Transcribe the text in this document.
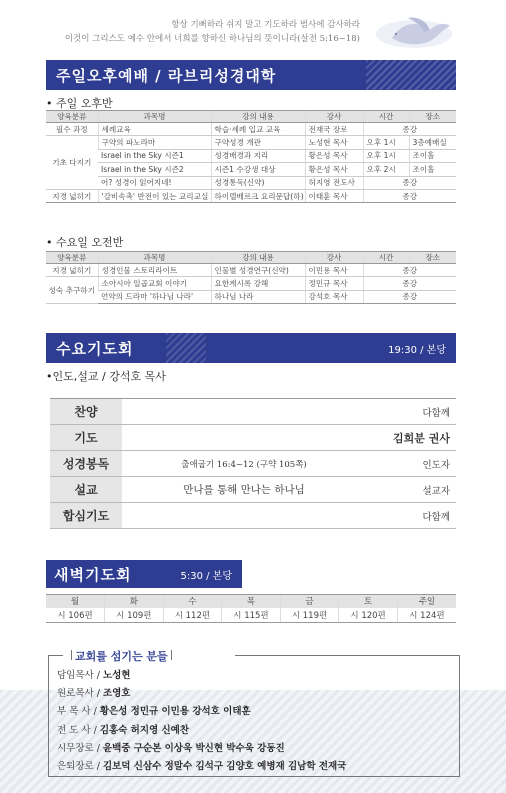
항상 기뻐하라 쉬지 말고 기도하라 범사에 감사하라
이것이 그리스도 예수 안에서 너희를 향하신 하나님의 뜻이니라(살전 5:16~18)
주일오후예배 / 라브리성경대학
• 주일 오후반
양육분류	과목명	강의 내용	강사	시간	장소
필수 과정	세례교육	학습·세례 입교 교육	전재국 장로	종강	
기초 다지기	구약의 파노라마	구약성경 개관	노성현 목사	오후 1시	3층예배실
	Israel in the Sky 시즌1	성경배경과 지리	황은성 목사	오후 1시	조이홀
	Israel in the Sky 시즌2	시즌1 수강생 대상	황은성 목사	오후 2시	조이홀
	어? 성경이 읽어지네!	성경통독(신약)	허지영 전도사	종강	
지경 넓히기	'갈비속촉' 반전이 있는 교리교실	하이델베르크 요리문답(하)	이태훈 목사	종강	
• 수요일 오전반
양육분류	과목명	강의 내용	강사	시간	장소
지경 넓히기	성경인물 스토리라이트	인물별 성경연구(신약)	이민용 목사	종강	
성숙 추구하기	소아시아 일곱교회 이야기	요한계시록 강해	정민규 목사	종강	
	언약의 드라마 '하나님 나라'	하나님 나라	강석호 목사	종강	
수요기도회	19:30 / 본당
•인도,설교 / 강석호 목사
찬양	다함께
기도	김희분 권사
성경봉독	출애굽기 16:4~12 (구약 105쪽)	인도자
설교	만나를 통해 만나는 하나님	설교자
합심기도	다함께
새벽기도회	5:30 / 본당
월	화	수	목	금	토	주일
시 106편	시 109편	시 112편	시 115편	시 119편	시 120편	시 124편
교회를 섬기는 분들
담임목사 / 노성현
원로목사 / 조영호
부 목 사 / 황은성 정민규 이민용 강석호 이태훈
전 도 사 / 김홍숙 허지영 신예찬
시무장로 / 윤백중 구순본 이상욱 박신현 박수욱 강동진
은퇴장로 / 김보덕 신삼수 정말수 김석구 김양호 예병재 김남학 전재국
